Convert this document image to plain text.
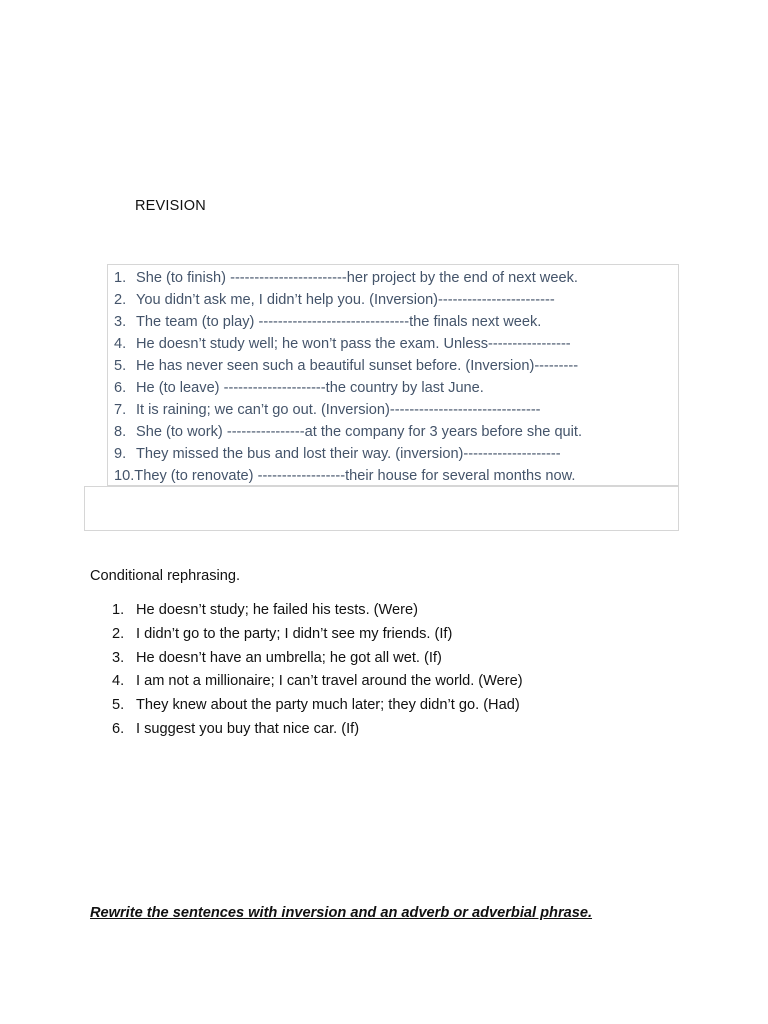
REVISION
1. She (to finish) ------------------------her project by the end of next week.
2. You didn’t ask me, I didn’t help you. (Inversion)------------------------
3. The team (to play) -------------------------------the finals next week.
4. He doesn’t study well; he won’t pass the exam. Unless-----------------
5. He has never seen such a beautiful sunset before. (Inversion)---------
6. He (to leave) ---------------------the country by last June.
7. It is raining; we can’t go out. (Inversion)-------------------------------
8. She (to work) ----------------at the company for 3 years before she quit.
9. They missed the bus and lost their way. (inversion)--------------------
10. They (to renovate) ------------------their house for several months now.
Conditional rephrasing.
1. He doesn’t study; he failed his tests. (Were)
2. I didn’t go to the party; I didn’t see my friends. (If)
3. He doesn’t have an umbrella; he got all wet. (If)
4. I am not a millionaire; I can’t travel around the world. (Were)
5. They knew about the party much later; they didn’t go. (Had)
6. I suggest you buy that nice car. (If)
Rewrite the sentences with inversion and an adverb or adverbial phrase.
